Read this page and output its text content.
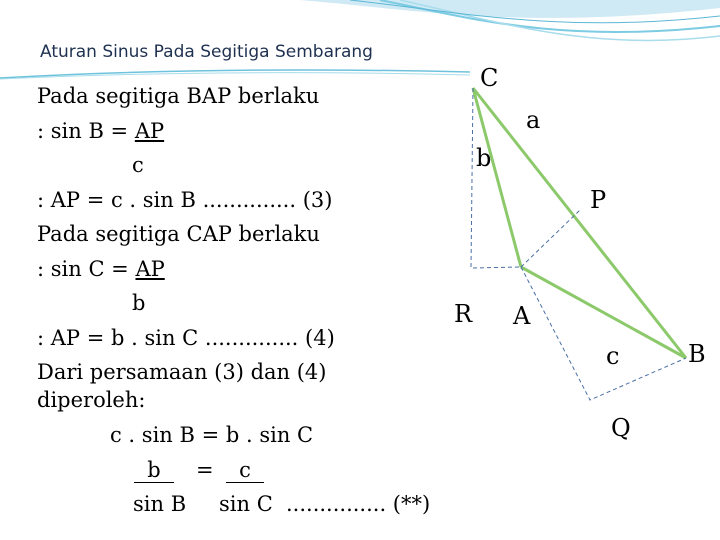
Aturan Sinus Pada Segitiga Sembarang
Pada segitiga BAP berlaku
: sin B = AP
c
: AP = c . sin B .............. (3)
Pada segitiga CAP berlaku
: sin C = AP
b
: AP = b . sin C .............. (4)
Dari persamaan (3) dan (4)
diperoleh:
c . sin B = b . sin C
b	=	c
sin B sin C ............... (**)
C
a
b
P
R A
c	B
Q
